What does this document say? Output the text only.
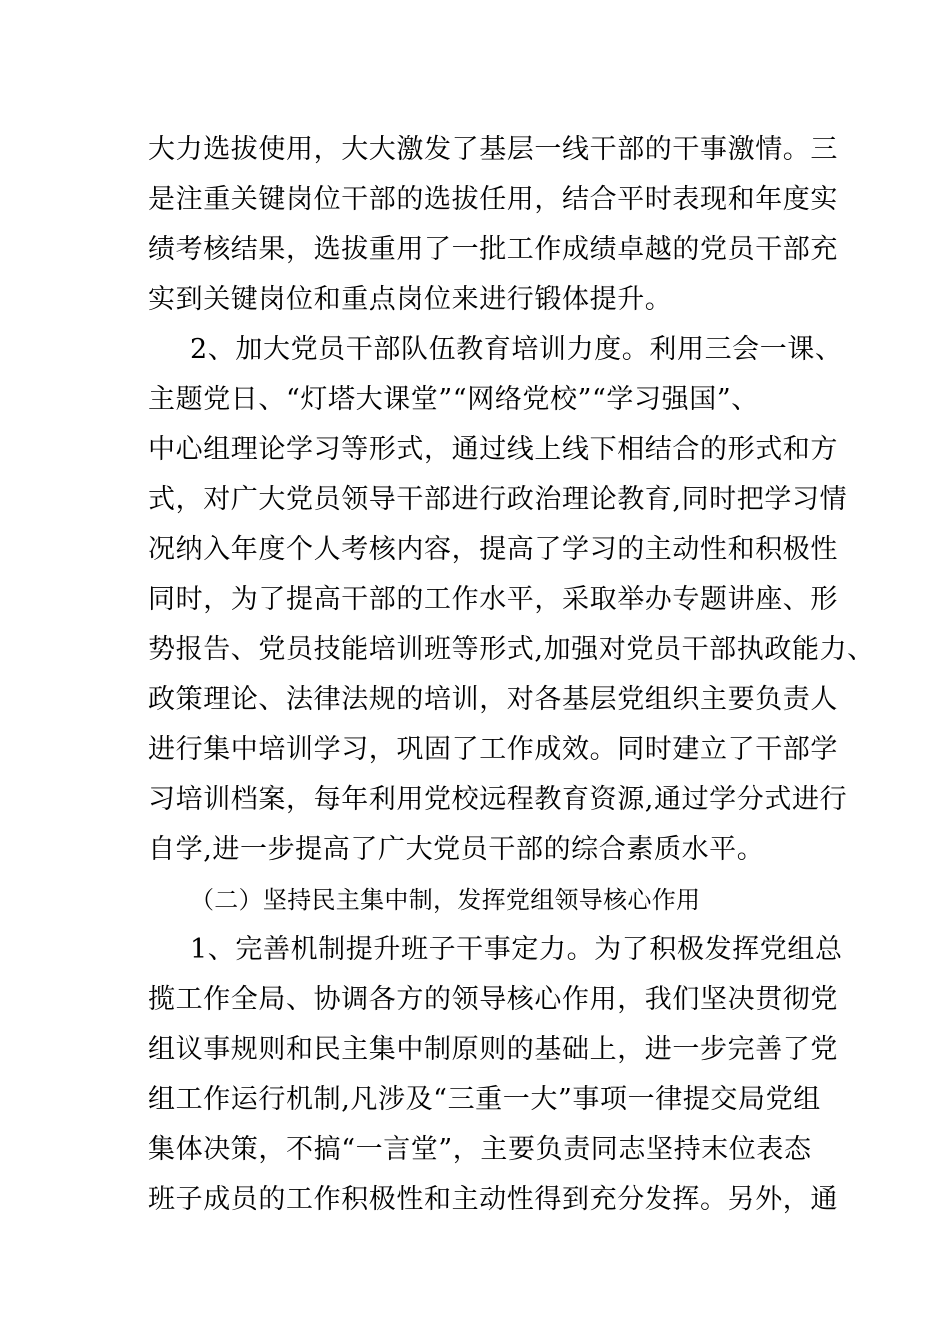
大力选拔使用，大大激发了基层一线干部的干事激情。三
是注重关键岗位干部的选拔任用，结合平时表现和年度实
绩考核结果，选拔重用了一批工作成绩卓越的党员干部充
实到关键岗位和重点岗位来进行锻体提升。
2、加大党员干部队伍教育培训力度。利用三会一课、
主题党日、“灯塔大课堂”“网络党校”“学习强国”、
中心组理论学习等形式，通过线上线下相结合的形式和方
式，对广大党员领导干部进行政治理论教育,同时把学习情
况纳入年度个人考核内容，提高了学习的主动性和积极性
同时，为了提高干部的工作水平，采取举办专题讲座、形
势报告、党员技能培训班等形式,加强对党员干部执政能力、
政策理论、法律法规的培训，对各基层党组织主要负责人
进行集中培训学习，巩固了工作成效。同时建立了干部学
习培训档案，每年利用党校远程教育资源,通过学分式进行
自学,进一步提高了广大党员干部的综合素质水平。
（二）坚持民主集中制，发挥党组领导核心作用
1、完善机制提升班子干事定力。为了积极发挥党组总
揽工作全局、协调各方的领导核心作用，我们坚决贯彻党
组议事规则和民主集中制原则的基础上，进一步完善了党
组工作运行机制,凡涉及“三重一大”事项一律提交局党组
集体决策，不搞“一言堂”，主要负责同志坚持末位表态
班子成员的工作积极性和主动性得到充分发挥。另外，通
